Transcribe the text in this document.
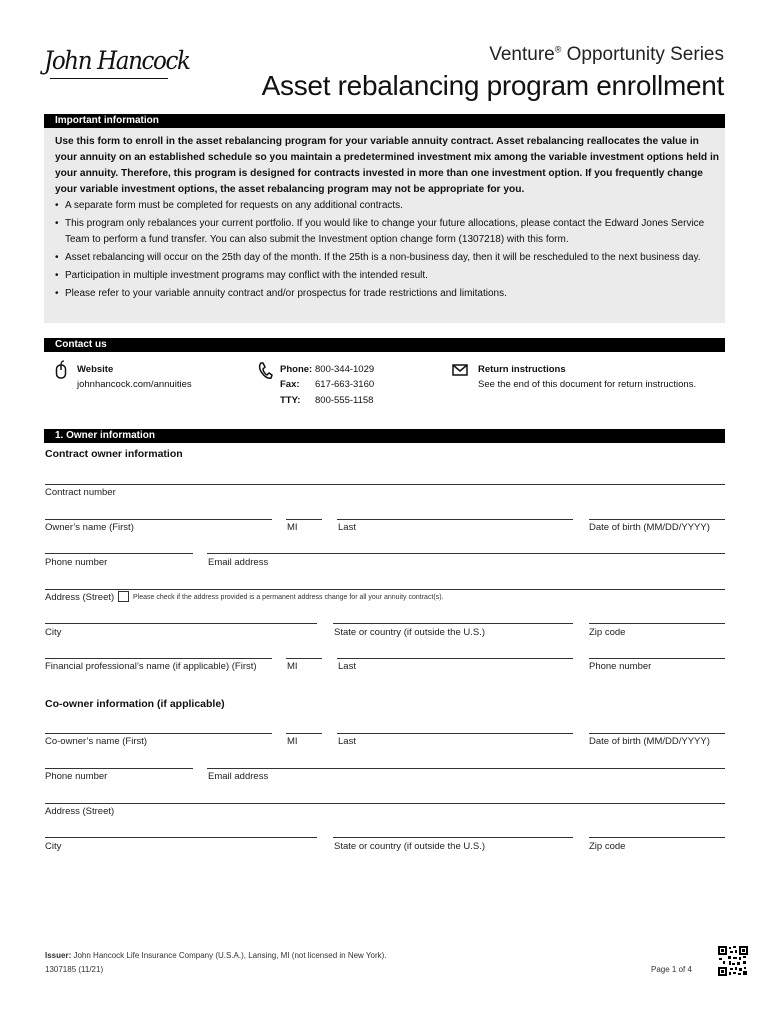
John Hancock	Venture® Opportunity Series
Asset rebalancing program enrollment
Important information
Use this form to enroll in the asset rebalancing program for your variable annuity contract. Asset rebalancing reallocates the value in your annuity on an established schedule so you maintain a predetermined investment mix among the variable investment options held in your annuity. Therefore, this program is designed for contracts invested in more than one investment option. If you frequently change your variable investment options, the asset rebalancing program may not be appropriate for you.
• A separate form must be completed for requests on any additional contracts.
• This program only rebalances your current portfolio. If you would like to change your future allocations, please contact the Edward Jones Service Team to perform a fund transfer. You can also submit the Investment option change form (1307218) with this form.
• Asset rebalancing will occur on the 25th day of the month. If the 25th is a non-business day, then it will be rescheduled to the next business day.
• Participation in multiple investment programs may conflict with the intended result.
• Please refer to your variable annuity contract and/or prospectus for trade restrictions and limitations.
Contact us
Website
johnhancock.com/annuities
Phone: 800-344-1029
Fax: 617-663-3160
TTY: 800-555-1158
Return instructions
See the end of this document for return instructions.
1. Owner information
Contract owner information
Contract number
Owner’s name (First)	MI	Last	Date of birth (MM/DD/YYYY)
Phone number	Email address
Address (Street)	Please check if the address provided is a permanent address change for all your annuity contract(s).
City	State or country (if outside the U.S.)	Zip code
Financial professional’s name (if applicable) (First)	MI	Last	Phone number
Co-owner information (if applicable)
Co-owner’s name (First)	MI	Last	Date of birth (MM/DD/YYYY)
Phone number	Email address
Address (Street)
City	State or country (if outside the U.S.)	Zip code
Issuer: John Hancock Life Insurance Company (U.S.A.), Lansing, MI (not licensed in New York).
1307185 (11/21)	Page 1 of 4
